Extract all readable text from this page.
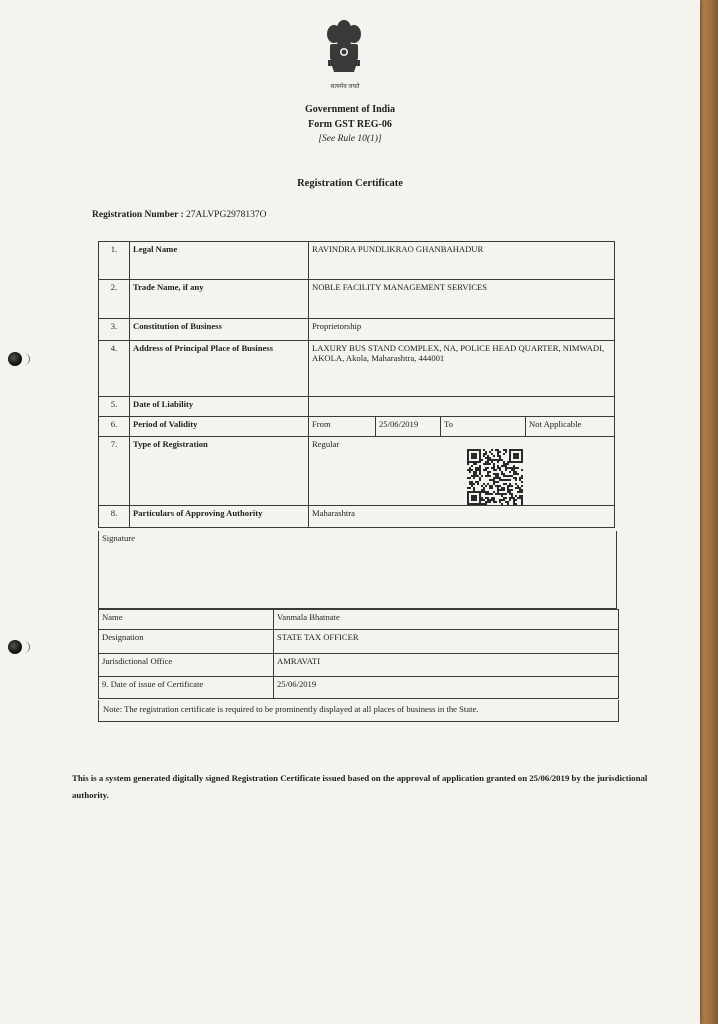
सत्यमेव जयते
Government of India
Form GST REG-06
[See Rule 10(1)]
Registration Certificate
Registration Number : 27ALVPG2978137O
1.	Legal Name	RAVINDRA PUNDLIKRAO GHANBAHADUR			
2.	Trade Name, if any	NOBLE FACILITY MANAGEMENT SERVICES			
3.	Constitution of Business	Proprietorship			
4.	Address of Principal Place of Business	LAXURY BUS STAND COMPLEX, NA, POLICE HEAD QUARTER, NIMWADI, AKOLA, Akola, Maharashtra, 444001			
5.	Date of Liability				
6.	Period of Validity	From	25/06/2019	To	Not Applicable
7.	Type of Registration	Regular			
8.	Particulars of Approving Authority	Maharashtra			
Signature
Name	Vanmala Bhatnate
Designation	STATE TAX OFFICER
Jurisdictional Office	AMRAVATI
9. Date of issue of Certificate	25/06/2019
Note: The registration certificate is required to be prominently displayed at all places of business in the State.
This is a system generated digitally signed Registration Certificate issued based on the approval of application granted on 25/06/2019 by the jurisdictional authority.
